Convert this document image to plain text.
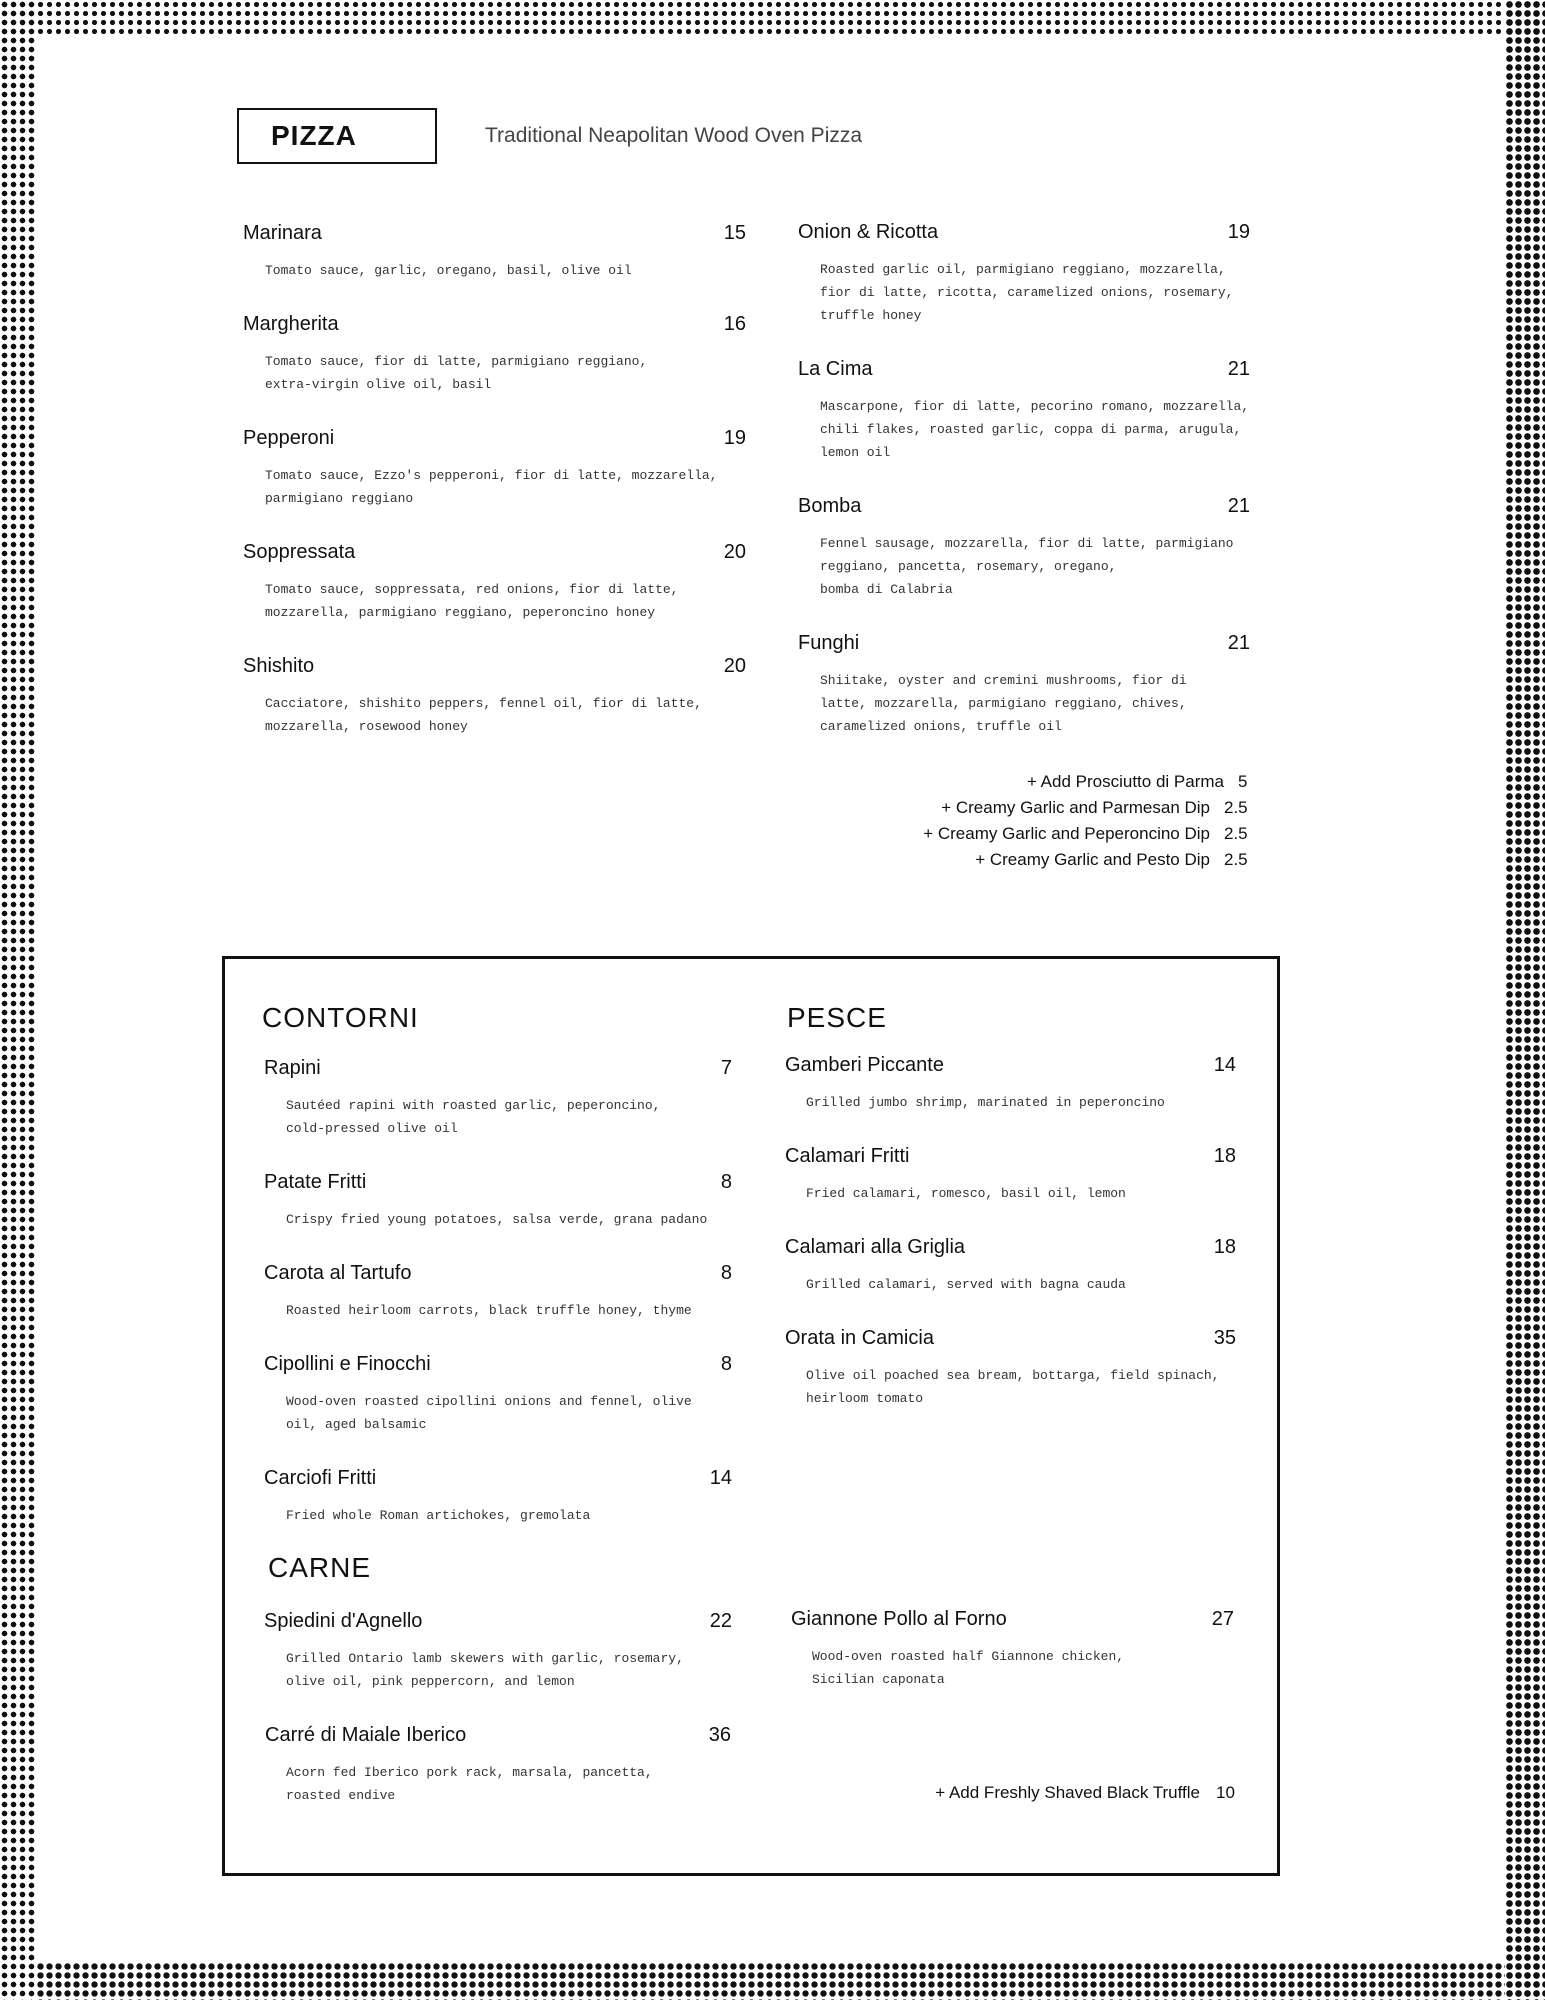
PIZZA	Traditional Neapolitan Wood Oven Pizza
Marinara	15
Tomato sauce, garlic, oregano, basil, olive oil
Margherita	16
Tomato sauce, fior di latte, parmigiano reggiano,
extra-virgin olive oil, basil
Pepperoni	19
Tomato sauce, Ezzo's pepperoni, fior di latte, mozzarella,
parmigiano reggiano
Soppressata	20
Tomato sauce, soppressata, red onions, fior di latte,
mozzarella, parmigiano reggiano, peperoncino honey
Shishito	20
Cacciatore, shishito peppers, fennel oil, fior di latte,
mozzarella, rosewood honey
Onion & Ricotta	19
Roasted garlic oil, parmigiano reggiano, mozzarella,
fior di latte, ricotta, caramelized onions, rosemary,
truffle honey
La Cima	21
Mascarpone, fior di latte, pecorino romano, mozzarella,
chili flakes, roasted garlic, coppa di parma, arugula,
lemon oil
Bomba	21
Fennel sausage, mozzarella, fior di latte, parmigiano
reggiano, pancetta, rosemary, oregano,
bomba di Calabria
Funghi	21
Shiitake, oyster and cremini mushrooms, fior di
latte, mozzarella, parmigiano reggiano, chives,
caramelized onions, truffle oil
+ Add Prosciutto di Parma 5
+ Creamy Garlic and Parmesan Dip 2.5
+ Creamy Garlic and Peperoncino Dip 2.5
+ Creamy Garlic and Pesto Dip 2.5
CONTORNI
Rapini	7
Sautéed rapini with roasted garlic, peperoncino,
cold-pressed olive oil
Patate Fritti	8
Crispy fried young potatoes, salsa verde, grana padano
Carota al Tartufo	8
Roasted heirloom carrots, black truffle honey, thyme
Cipollini e Finocchi	8
Wood-oven roasted cipollini onions and fennel, olive
oil, aged balsamic
Carciofi Fritti	14
Fried whole Roman artichokes, gremolata
PESCE
Gamberi Piccante	14
Grilled jumbo shrimp, marinated in peperoncino
Calamari Fritti	18
Fried calamari, romesco, basil oil, lemon
Calamari alla Griglia	18
Grilled calamari, served with bagna cauda
Orata in Camicia	35
Olive oil poached sea bream, bottarga, field spinach,
heirloom tomato
CARNE
Spiedini d'Agnello	22
Grilled Ontario lamb skewers with garlic, rosemary,
olive oil, pink peppercorn, and lemon
Carré di Maiale Iberico	36
Acorn fed Iberico pork rack, marsala, pancetta,
roasted endive
Giannone Pollo al Forno	27
Wood-oven roasted half Giannone chicken,
Sicilian caponata
+ Add Freshly Shaved Black Truffle 10
